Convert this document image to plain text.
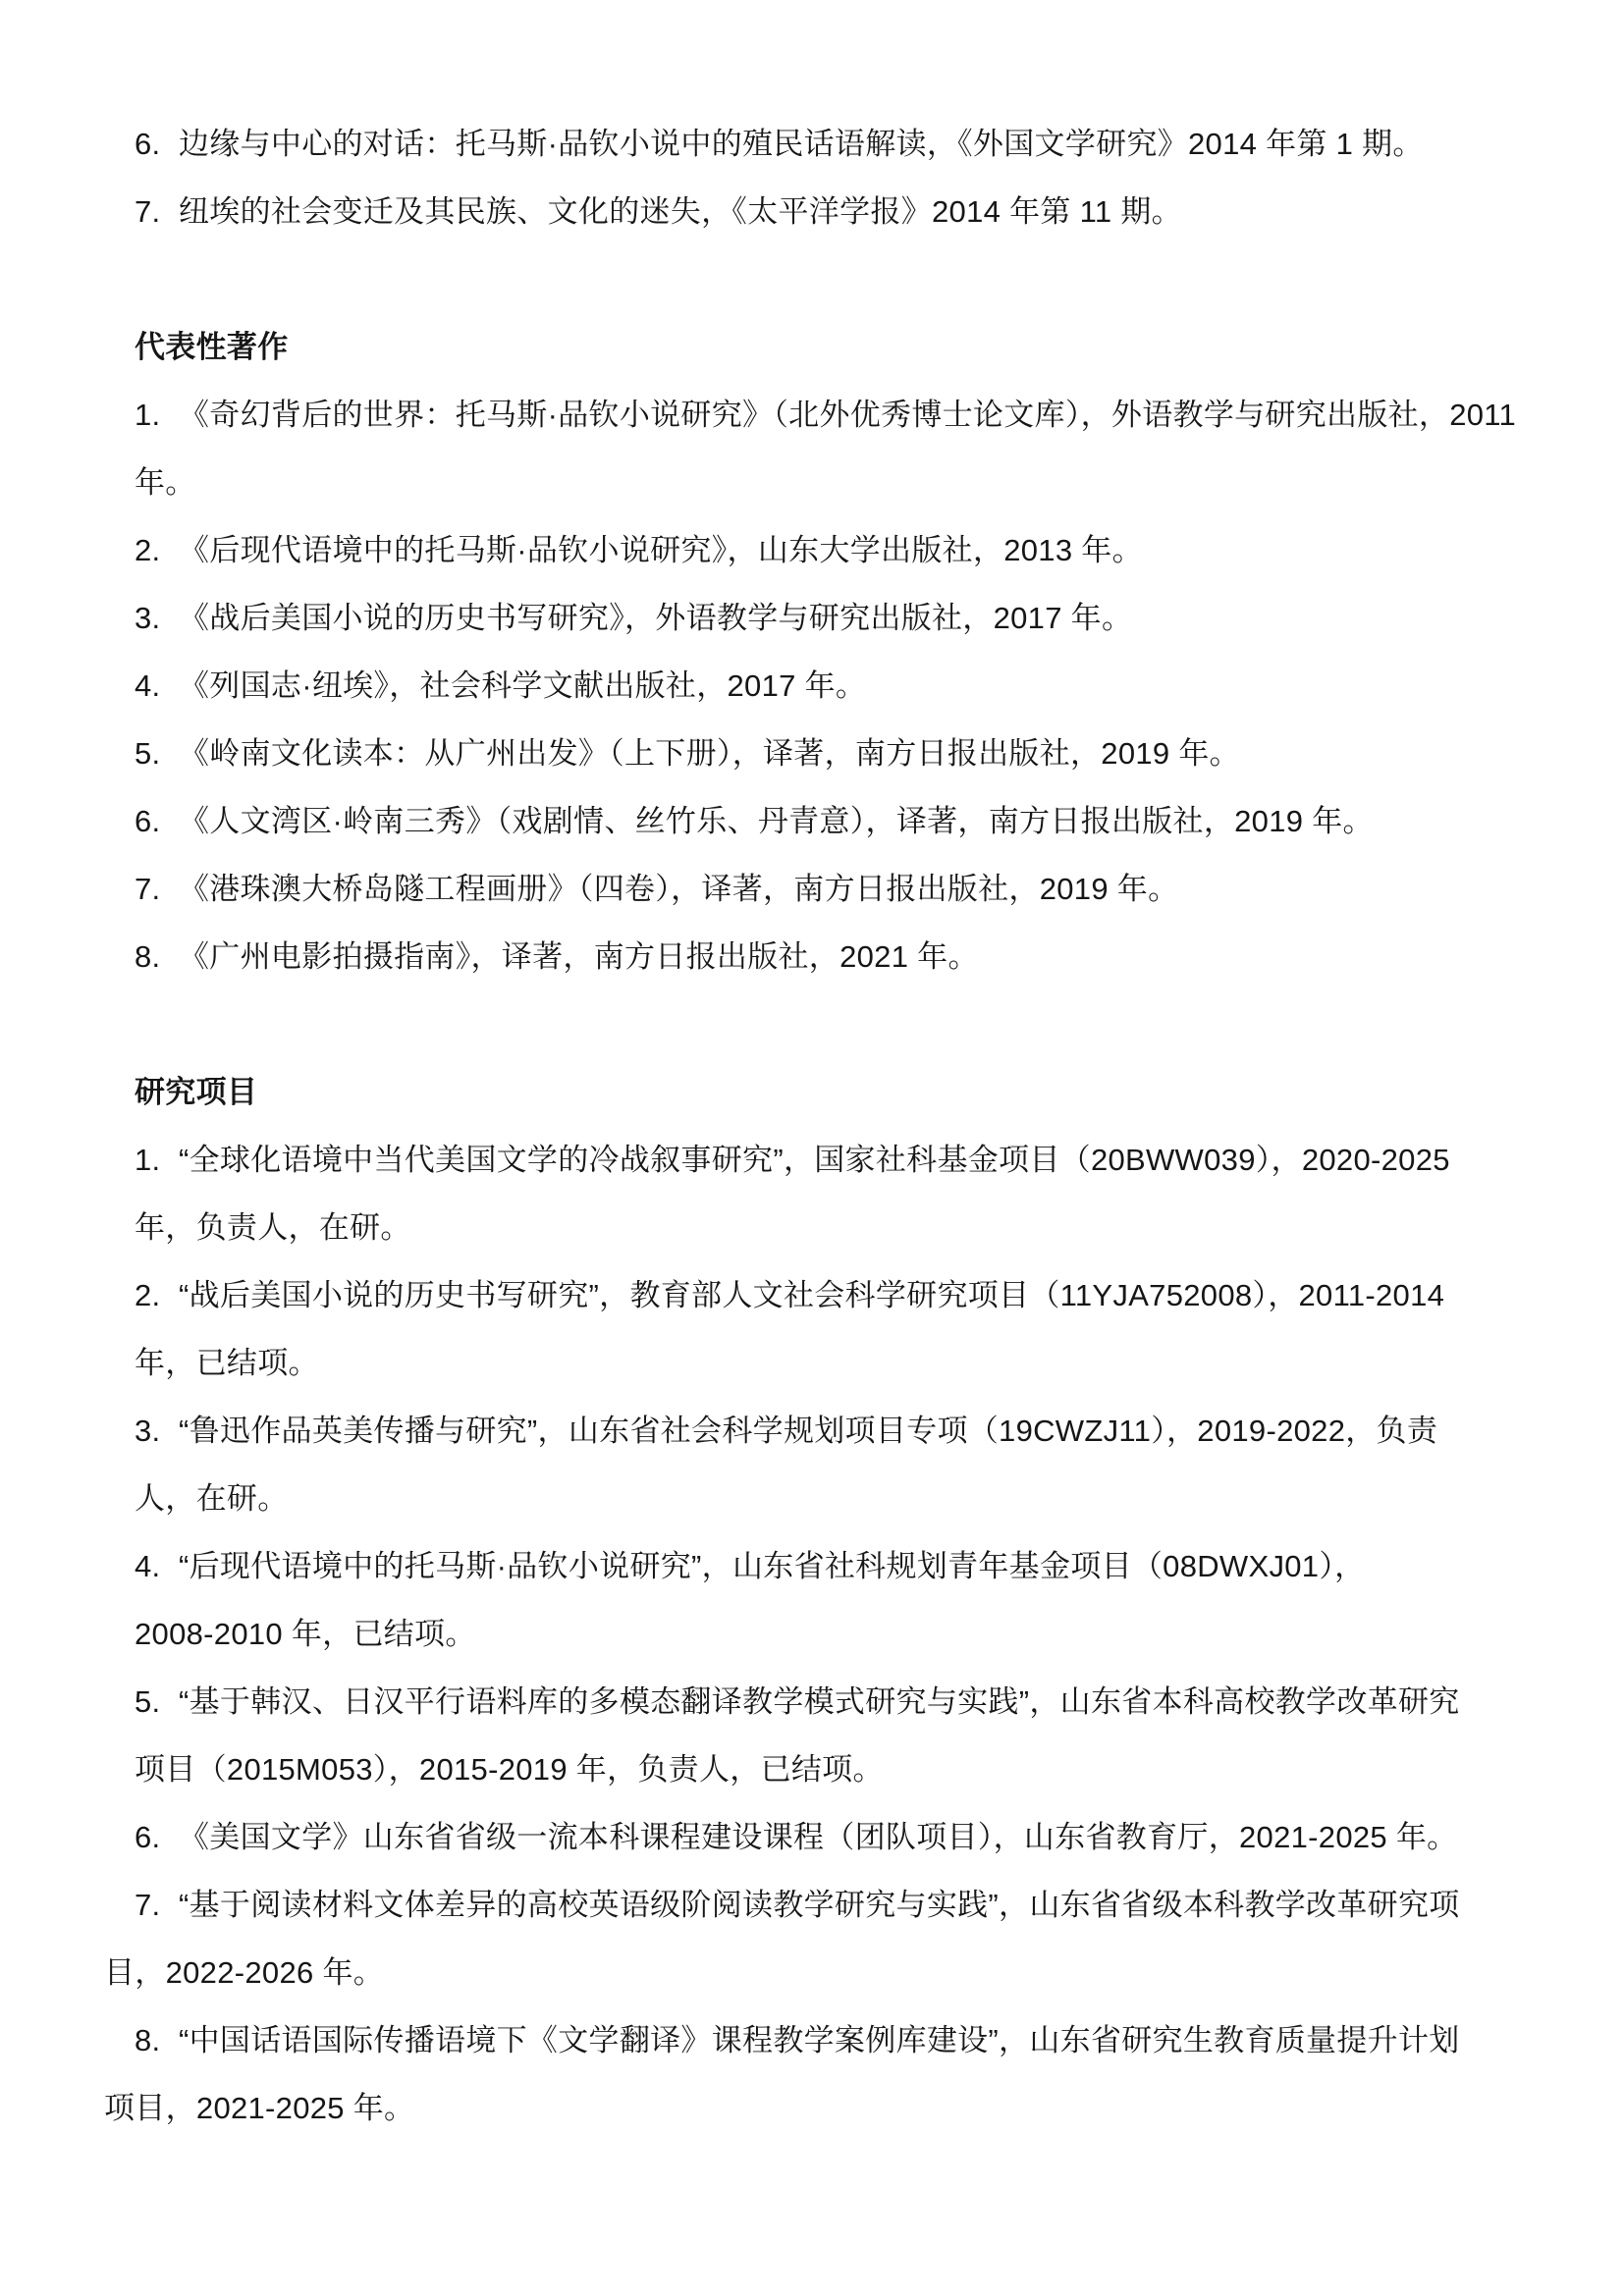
6. 边缘与中心的对话：托马斯·品钦小说中的殖民话语解读，《外国文学研究》2014 年第 1 期。
7. 纽埃的社会变迁及其民族、文化的迷失，《太平洋学报》2014 年第 11 期。
代表性著作
1. 《奇幻背后的世界：托马斯·品钦小说研究》（北外优秀博士论文库），外语教学与研究出版社，2011
年。
2. 《后现代语境中的托马斯·品钦小说研究》，山东大学出版社，2013 年。
3. 《战后美国小说的历史书写研究》，外语教学与研究出版社，2017 年。
4. 《列国志·纽埃》，社会科学文献出版社，2017 年。
5. 《岭南文化读本：从广州出发》（上下册），译著，南方日报出版社，2019 年。
6. 《人文湾区·岭南三秀》（戏剧情、丝竹乐、丹青意），译著，南方日报出版社，2019 年。
7. 《港珠澳大桥岛隧工程画册》（四卷），译著，南方日报出版社，2019 年。
8. 《广州电影拍摄指南》，译著，南方日报出版社，2021 年。
研究项目
1. “全球化语境中当代美国文学的冷战叙事研究”，国家社科基金项目（20BWW039），2020-2025
年，负责人，在研。
2. “战后美国小说的历史书写研究”，教育部人文社会科学研究项目（11YJA752008），2011-2014
年，已结项。
3. “鲁迅作品英美传播与研究”，山东省社会科学规划项目专项（19CWZJ11），2019-2022，负责
人，在研。
4. “后现代语境中的托马斯·品钦小说研究”，山东省社科规划青年基金项目（08DWXJ01），
2008-2010 年，已结项。
5. “基于韩汉、日汉平行语料库的多模态翻译教学模式研究与实践”，山东省本科高校教学改革研究
项目（2015M053），2015-2019 年，负责人，已结项。
6. 《美国文学》山东省省级一流本科课程建设课程（团队项目），山东省教育厅，2021-2025 年。
7. “基于阅读材料文体差异的高校英语级阶阅读教学研究与实践”，山东省省级本科教学改革研究项
目，2022-2026 年。
8. “中国话语国际传播语境下《文学翻译》课程教学案例库建设”，山东省研究生教育质量提升计划
项目，2021-2025 年。
